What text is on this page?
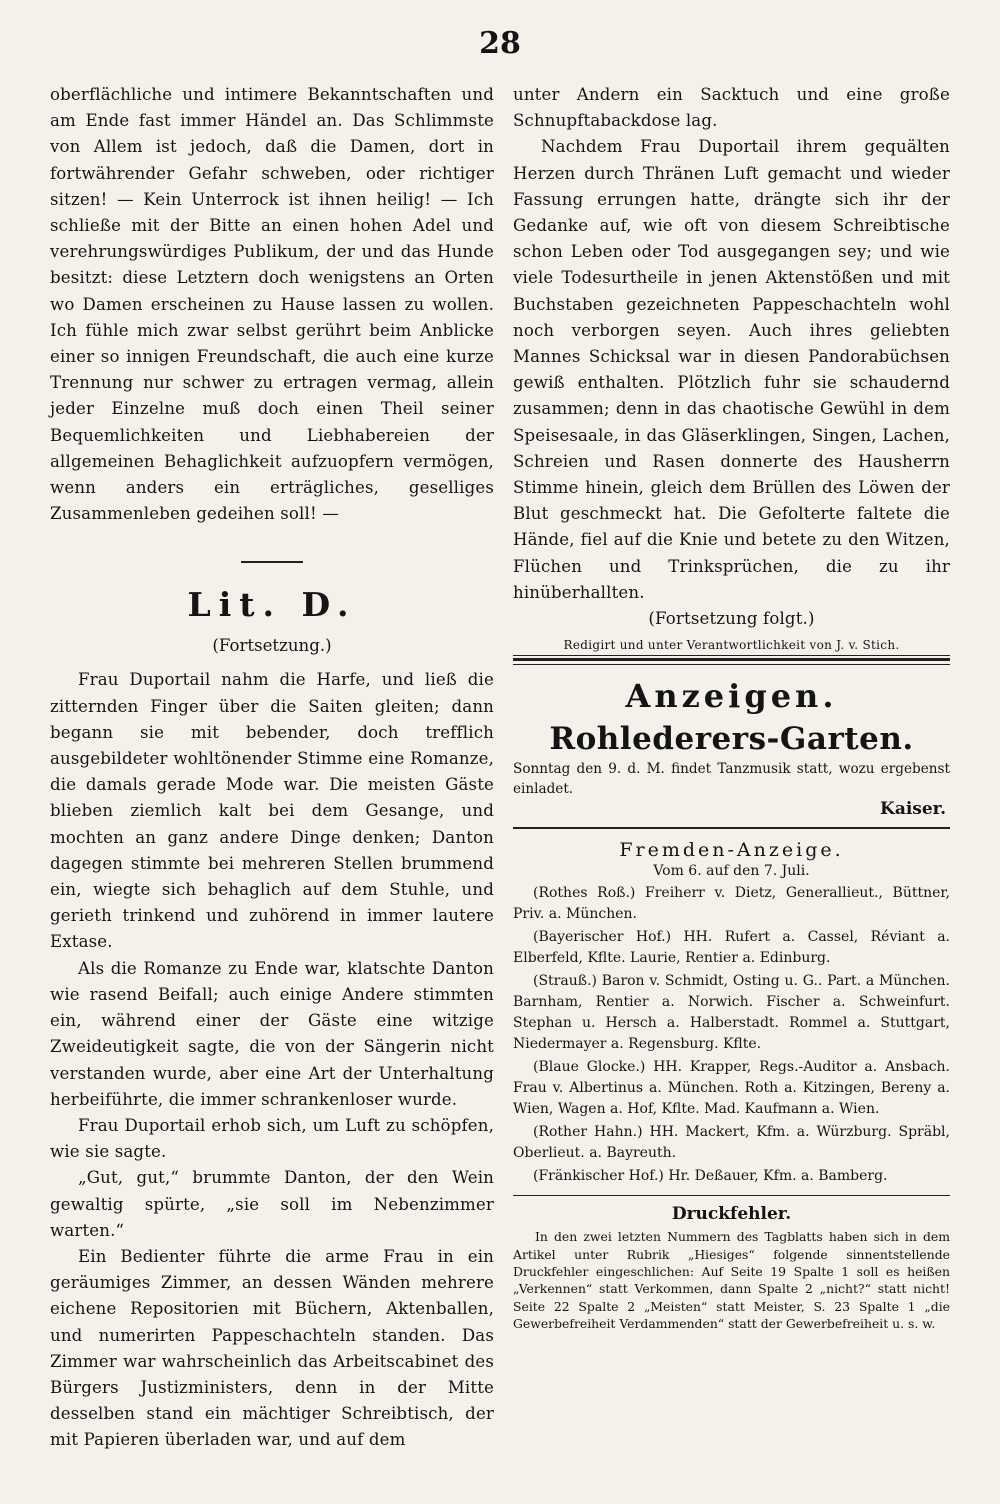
28

oberflächliche und intimere Bekanntschaften und am Ende fast immer Händel an. Das Schlimmste von Allem ist jedoch, daß die Damen, dort in fortwährender Gefahr schweben, oder richtiger sitzen! — Kein Unterrock ist ihnen heilig! — Ich schließe mit der Bitte an einen hohen Adel und verehrungswürdiges Publikum, der und das Hunde besitzt: diese Letztern doch wenigstens an Orten wo Damen erscheinen zu Hause lassen zu wollen. Ich fühle mich zwar selbst gerührt beim Anblicke einer so innigen Freundschaft, die auch eine kurze Trennung nur schwer zu ertragen vermag, allein jeder Einzelne muß doch einen Theil seiner Bequemlichkeiten und Liebhabereien der allgemeinen Behaglichkeit aufzuopfern vermögen, wenn anders ein erträgliches, geselliges Zusammenleben gedeihen soll! —

Lit. D.
(Fortsetzung.)

Frau Duportail nahm die Harfe, und ließ die zitternden Finger über die Saiten gleiten; dann begann sie mit bebender, doch trefflich ausgebildeter wohltönender Stimme eine Romanze, die damals gerade Mode war. Die meisten Gäste blieben ziemlich kalt bei dem Gesange, und mochten an ganz andere Dinge denken; Danton dagegen stimmte bei mehreren Stellen brummend ein, wiegte sich behaglich auf dem Stuhle, und gerieth trinkend und zuhörend in immer lautere Extase.

Als die Romanze zu Ende war, klatschte Danton wie rasend Beifall; auch einige Andere stimmten ein, während einer der Gäste eine witzige Zweideutigkeit sagte, die von der Sängerin nicht verstanden wurde, aber eine Art der Unterhaltung herbeiführte, die immer schrankenloser wurde.

Frau Duportail erhob sich, um Luft zu schöpfen, wie sie sagte.

„Gut, gut,“ brummte Danton, der den Wein gewaltig spürte, „sie soll im Nebenzimmer warten.“

Ein Bedienter führte die arme Frau in ein geräumiges Zimmer, an dessen Wänden mehrere eichene Repositorien mit Büchern, Aktenballen, und numerirten Pappeschachteln standen. Das Zimmer war wahrscheinlich das Arbeitscabinet des Bürgers Justizministers, denn in der Mitte desselben stand ein mächtiger Schreibtisch, der mit Papieren überladen war, und auf dem

unter Andern ein Sacktuch und eine große Schnupftabackdose lag.

Nachdem Frau Duportail ihrem gequälten Herzen durch Thränen Luft gemacht und wieder Fassung errungen hatte, drängte sich ihr der Gedanke auf, wie oft von diesem Schreibtische schon Leben oder Tod ausgegangen sey; und wie viele Todesurtheile in jenen Aktenstößen und mit Buchstaben gezeichneten Pappeschachteln wohl noch verborgen seyen. Auch ihres geliebten Mannes Schicksal war in diesen Pandorabüchsen gewiß enthalten. Plötzlich fuhr sie schaudernd zusammen; denn in das chaotische Gewühl in dem Speisesaale, in das Gläserklingen, Singen, Lachen, Schreien und Rasen donnerte des Hausherrn Stimme hinein, gleich dem Brüllen des Löwen der Blut geschmeckt hat. Die Gefolterte faltete die Hände, fiel auf die Knie und betete zu den Witzen, Flüchen und Trinksprüchen, die zu ihr hinüberhallten.

(Fortsetzung folgt.)
Redigirt und unter Verantwortlichkeit von J. v. Stich.
Anzeigen.
Rohlederers-Garten.

Sonntag den 9. d. M. findet Tanzmusik statt, wozu ergebenst einladet.

Kaiser.
Fremden-Anzeige.
Vom 6. auf den 7. Juli.

(Rothes Roß.) Freiherr v. Dietz, Generallieut., Büttner, Priv. a. München.

(Bayerischer Hof.) HH. Rufert a. Cassel, Réviant a. Elberfeld, Kflte. Laurie, Rentier a. Edinburg.

(Strauß.) Baron v. Schmidt, Osting u. G.. Part. a München. Barnham, Rentier a. Norwich. Fischer a. Schweinfurt. Stephan u. Hersch a. Halberstadt. Rommel a. Stuttgart, Niedermayer a. Regensburg. Kflte.

(Blaue Glocke.) HH. Krapper, Regs.-Auditor a. Ansbach. Frau v. Albertinus a. München. Roth a. Kitzingen, Bereny a. Wien, Wagen a. Hof, Kflte. Mad. Kaufmann a. Wien.

(Rother Hahn.) HH. Mackert, Kfm. a. Würzburg. Spräbl, Oberlieut. a. Bayreuth.

(Fränkischer Hof.) Hr. Deßauer, Kfm. a. Bamberg.

Druckfehler.

In den zwei letzten Nummern des Tagblatts haben sich in dem Artikel unter Rubrik „Hiesiges“ folgende sinnentstellende Druckfehler eingeschlichen: Auf Seite 19 Spalte 1 soll es heißen „Verkennen“ statt Verkommen, dann Spalte 2 „nicht?“ statt nicht! Seite 22 Spalte 2 „Meisten“ statt Meister, S. 23 Spalte 1 „die Gewerbefreiheit Verdammenden“ statt der Gewerbefreiheit u. s. w.
